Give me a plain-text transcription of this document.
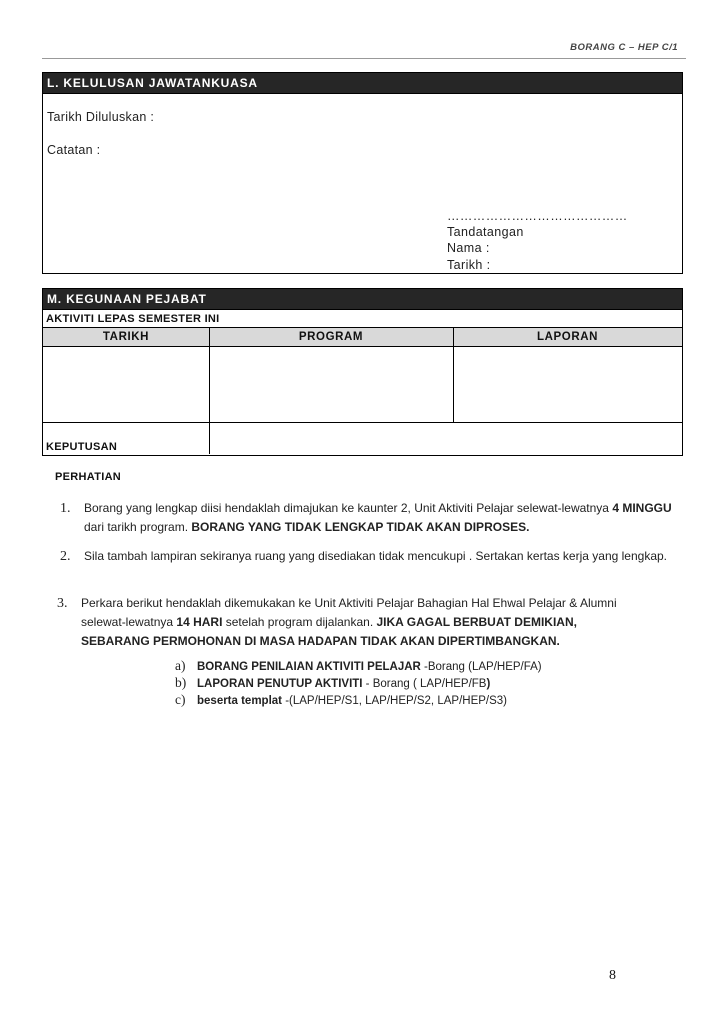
BORANG C – HEP C/1
L. KELULUSAN JAWATANKUASA
Tarikh Diluluskan :
Catatan :
……………………………………
Tandatangan
Nama :
Tarikh :
M. KEGUNAAN PEJABAT
AKTIVITI LEPAS SEMESTER INI
TARIKH	PROGRAM	LAPORAN
KEPUTUSAN
PERHATIAN
1. Borang yang lengkap diisi hendaklah dimajukan ke kaunter 2, Unit Aktiviti Pelajar selewat-lewatnya 4 MINGGU dari tarikh program. BORANG YANG TIDAK LENGKAP TIDAK AKAN DIPROSES.
2. Sila tambah lampiran sekiranya ruang yang disediakan tidak mencukupi . Sertakan kertas kerja yang lengkap.
3. Perkara berikut hendaklah dikemukakan ke Unit Aktiviti Pelajar Bahagian Hal Ehwal Pelajar & Alumni selewat-lewatnya 14 HARI setelah program dijalankan. JIKA GAGAL BERBUAT DEMIKIAN, SEBARANG PERMOHONAN DI MASA HADAPAN TIDAK AKAN DIPERTIMBANGKAN.
a) BORANG PENILAIAN AKTIVITI PELAJAR -Borang (LAP/HEP/FA)
b) LAPORAN PENUTUP AKTIVITI - Borang ( LAP/HEP/FB)
c) beserta templat -(LAP/HEP/S1, LAP/HEP/S2, LAP/HEP/S3)
8
